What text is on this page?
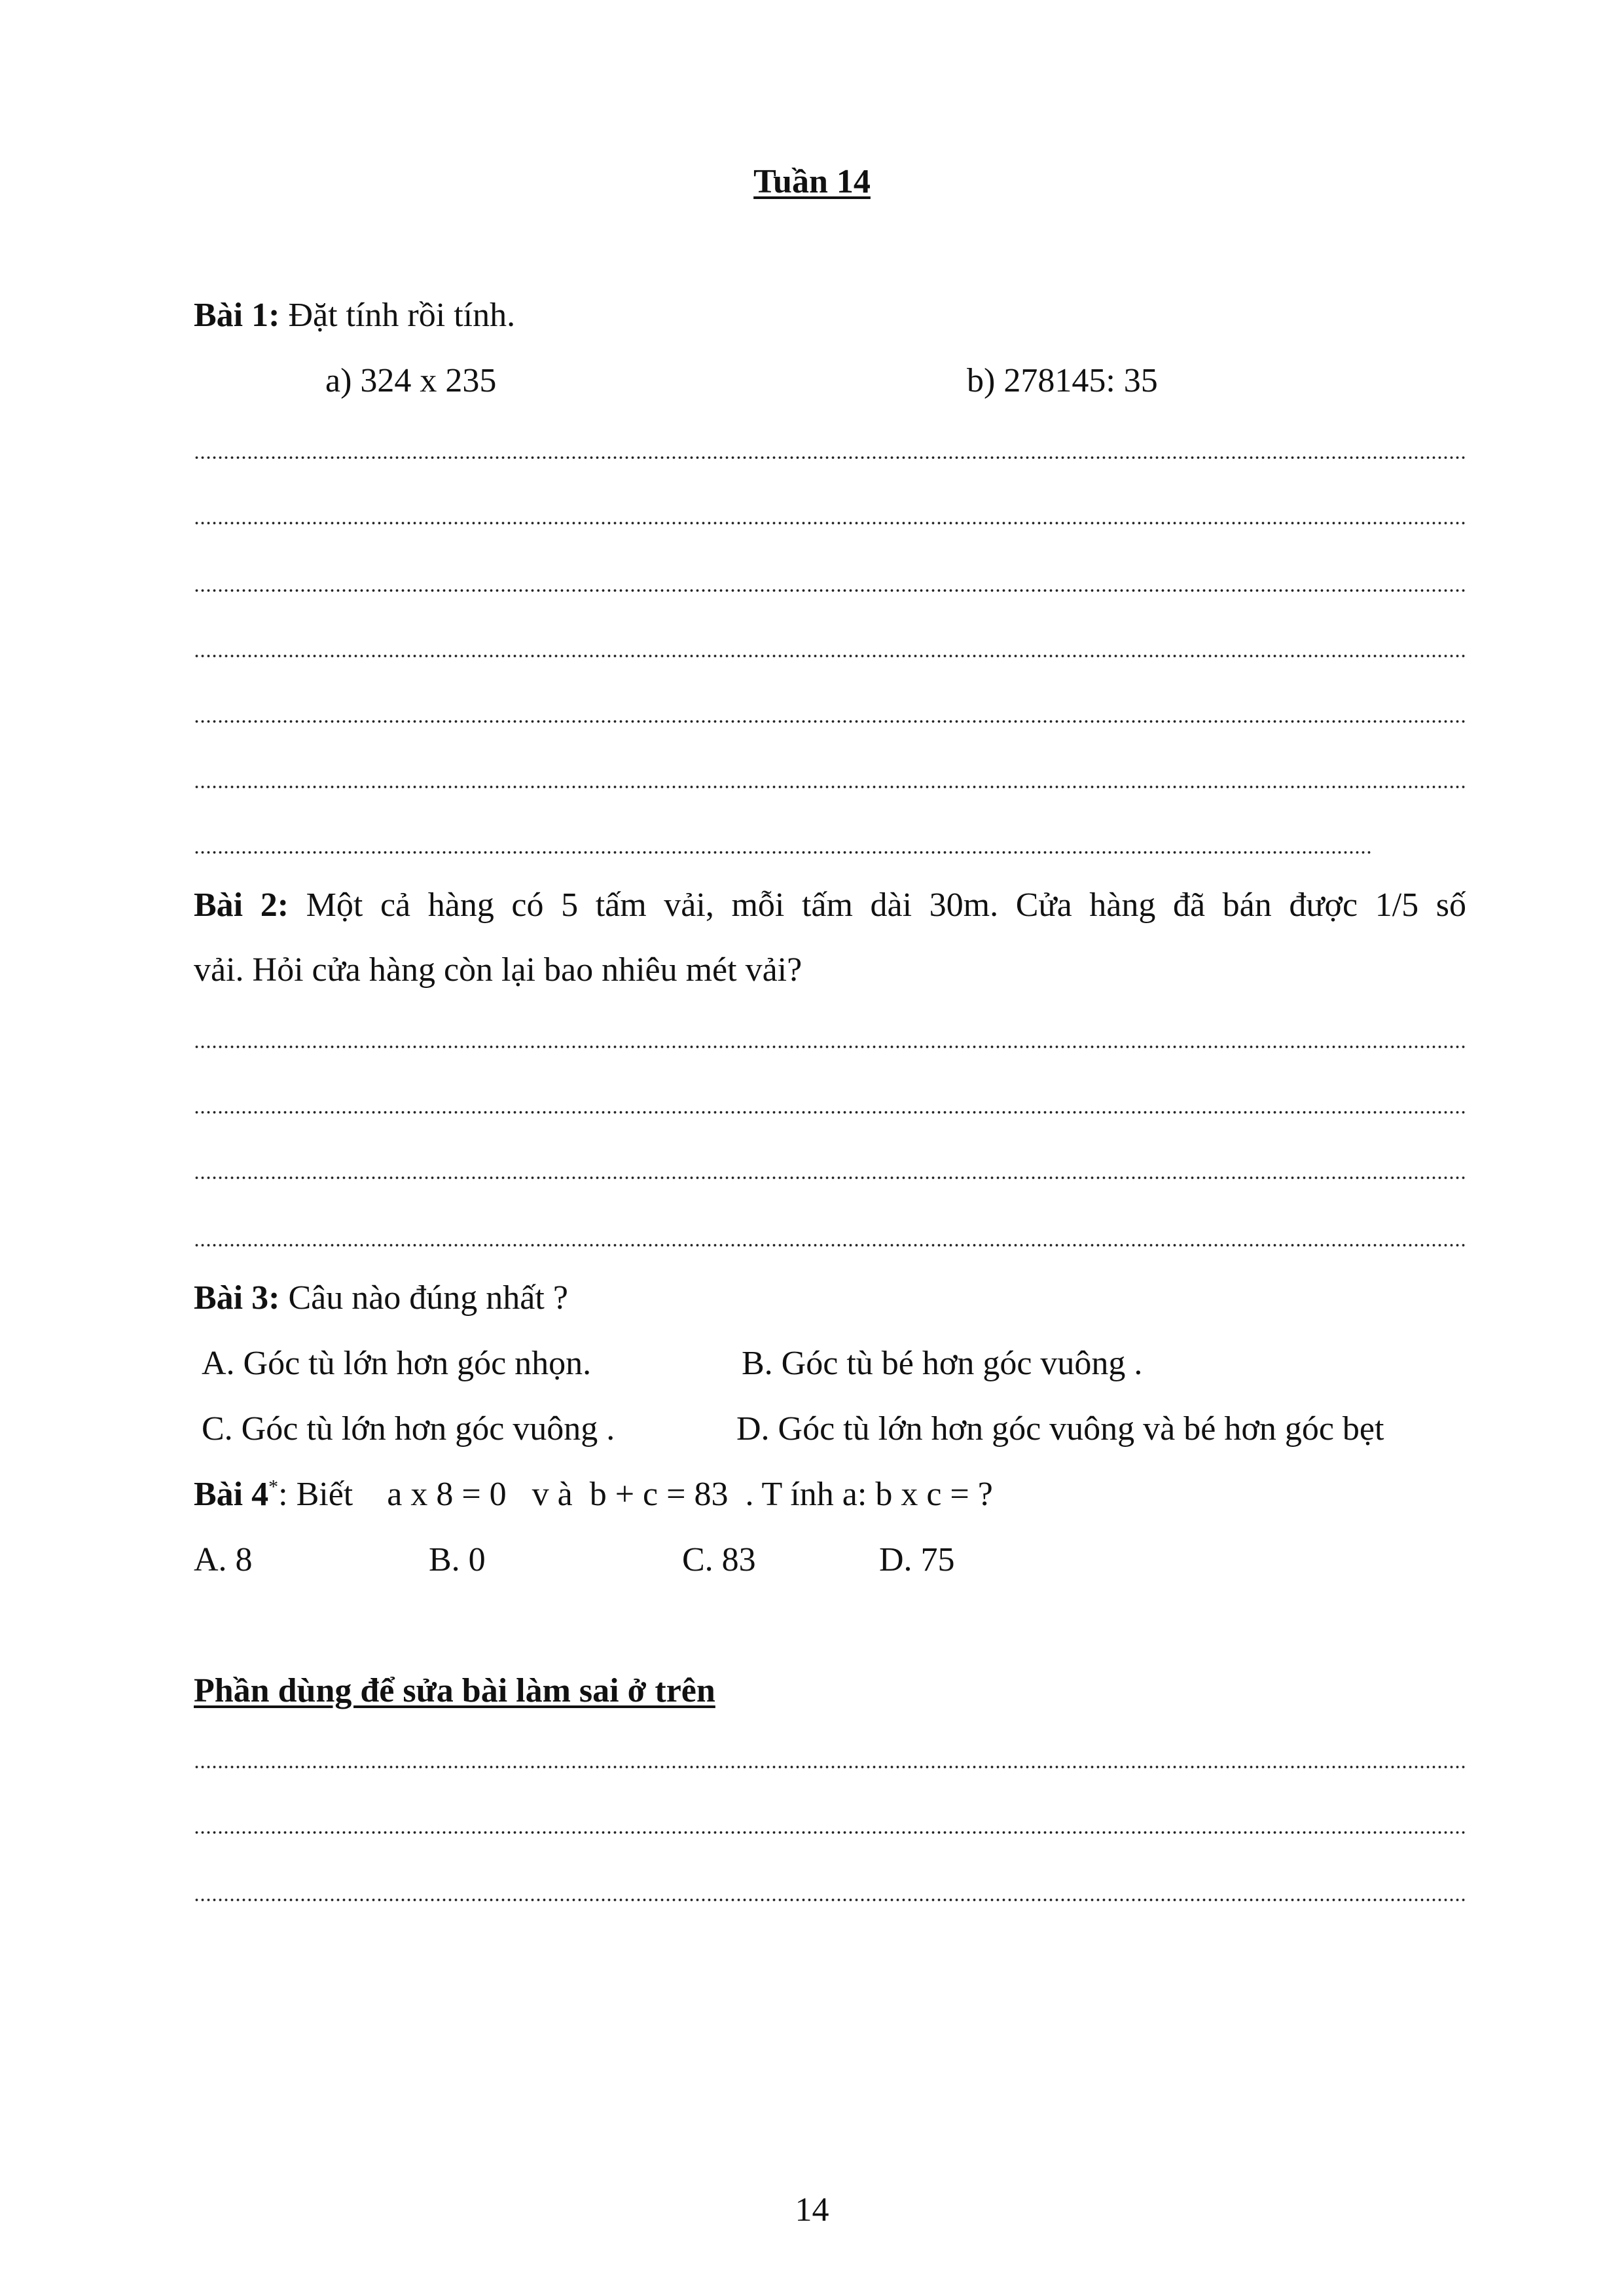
Tuần 14
Bài 1: Đặt tính rồi tính.
a) 324 x 235	b) 278145: 35
Bài 2: Một cả hàng có 5 tấm vải, mỗi tấm dài 30m. Cửa hàng đã bán được 1/5 số
vải. Hỏi cửa hàng còn lại bao nhiêu mét vải?
Bài 3: Câu nào đúng nhất ?
A. Góc tù lớn hơn góc nhọn.	B. Góc tù bé hơn góc vuông .
C. Góc tù lớn hơn góc vuông .	D. Góc tù lớn hơn góc vuông và bé hơn góc bẹt
Bài 4*: Biết    a x 8 = 0   v à  b + c = 83  . T ính a: b x c = ?
A. 8	B. 0	C. 83	D. 75
Phần dùng để sửa bài làm sai ở trên
14
